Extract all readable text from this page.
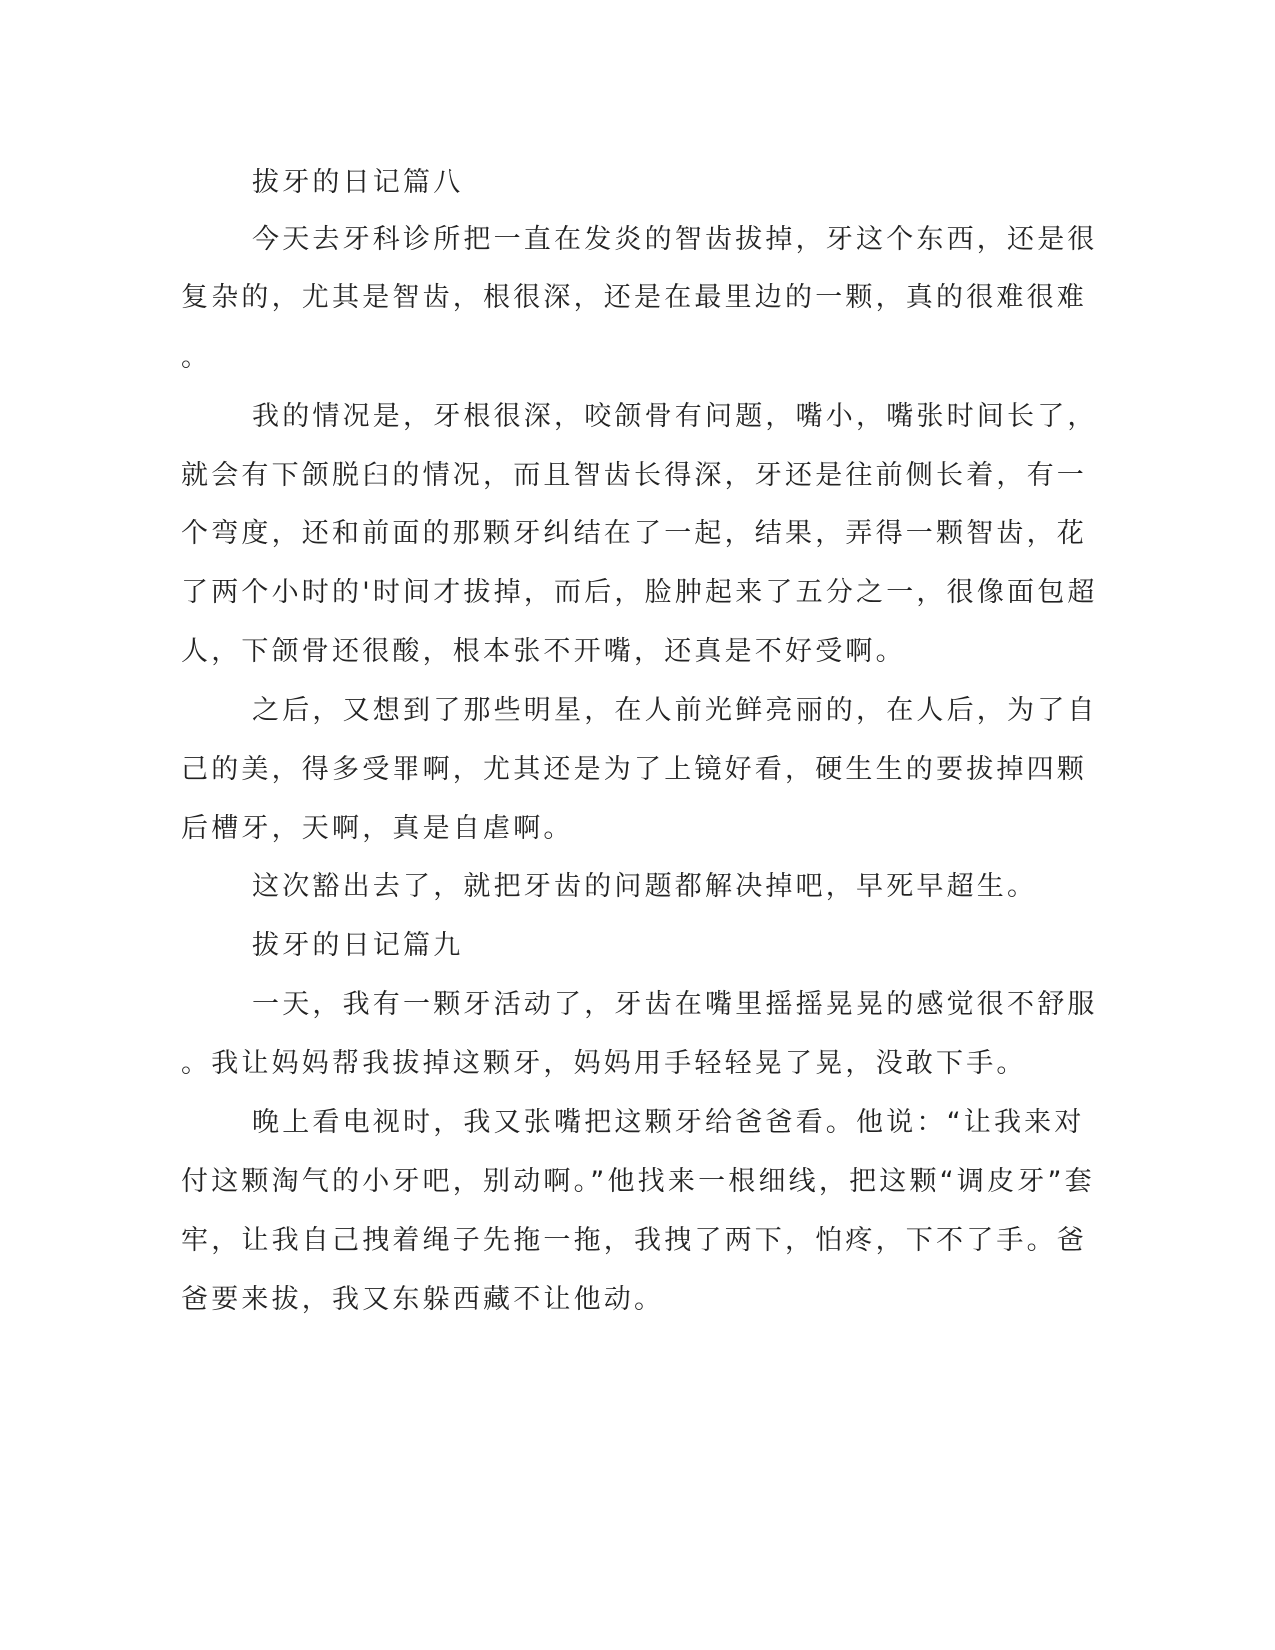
拔牙的日记篇八
今天去牙科诊所把一直在发炎的智齿拔掉，牙这个东西，还是很
复杂的，尤其是智齿，根很深，还是在最里边的一颗，真的很难很难
。
我的情况是，牙根很深，咬颌骨有问题，嘴小，嘴张时间长了，
就会有下颌脱臼的情况，而且智齿长得深，牙还是往前侧长着，有一
个弯度，还和前面的那颗牙纠结在了一起，结果，弄得一颗智齿，花
了两个小时的'时间才拔掉，而后，脸肿起来了五分之一，很像面包超
人，下颌骨还很酸，根本张不开嘴，还真是不好受啊。
之后，又想到了那些明星，在人前光鲜亮丽的，在人后，为了自
己的美，得多受罪啊，尤其还是为了上镜好看，硬生生的要拔掉四颗
后槽牙，天啊，真是自虐啊。
这次豁出去了，就把牙齿的问题都解决掉吧，早死早超生。
拔牙的日记篇九
一天，我有一颗牙活动了，牙齿在嘴里摇摇晃晃的感觉很不舒服
。我让妈妈帮我拔掉这颗牙，妈妈用手轻轻晃了晃，没敢下手。
晚上看电视时，我又张嘴把这颗牙给爸爸看。他说：“让我来对
付这颗淘气的小牙吧，别动啊。”他找来一根细线，把这颗“调皮牙”套
牢，让我自己拽着绳子先拖一拖，我拽了两下，怕疼，下不了手。爸
爸要来拔，我又东躲西藏不让他动。
